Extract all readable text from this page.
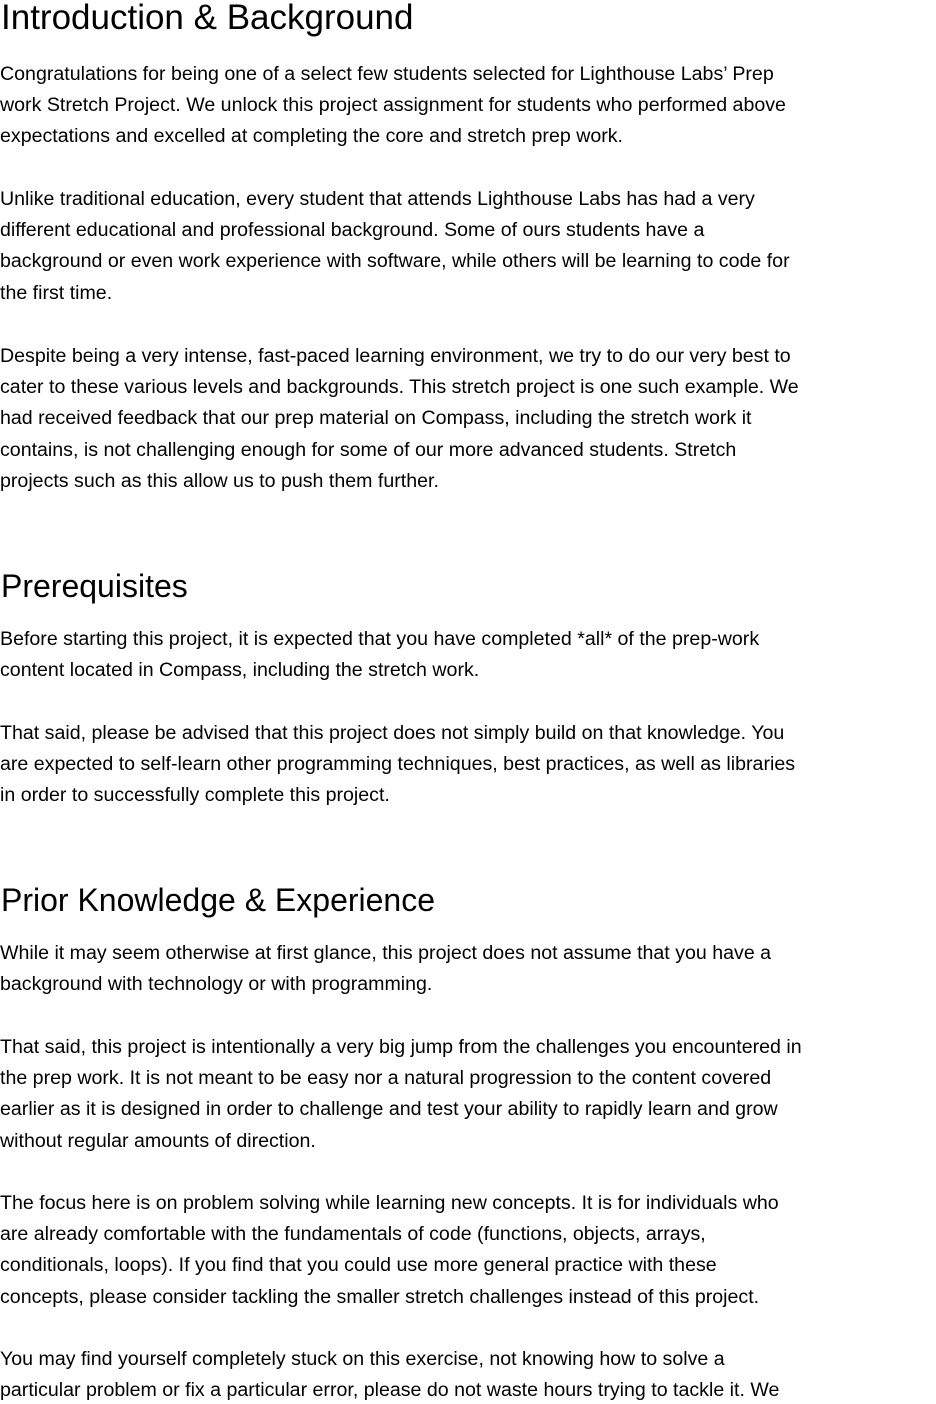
Introduction & Background

Congratulations for being one of a select few students selected for Lighthouse Labs’ Prep
work Stretch Project. We unlock this project assignment for students who performed above
expectations and excelled at completing the core and stretch prep work.

Unlike traditional education, every student that attends Lighthouse Labs has had a very
different educational and professional background. Some of ours students have a
background or even work experience with software, while others will be learning to code for
the first time.

Despite being a very intense, fast-paced learning environment, we try to do our very best to
cater to these various levels and backgrounds. This stretch project is one such example. We
had received feedback that our prep material on Compass, including the stretch work it
contains, is not challenging enough for some of our more advanced students. Stretch
projects such as this allow us to push them further.

Prerequisites

Before starting this project, it is expected that you have completed *all* of the prep-work
content located in Compass, including the stretch work.

That said, please be advised that this project does not simply build on that knowledge. You
are expected to self-learn other programming techniques, best practices, as well as libraries
in order to successfully complete this project.

Prior Knowledge & Experience

While it may seem otherwise at first glance, this project does not assume that you have a
background with technology or with programming.

That said, this project is intentionally a very big jump from the challenges you encountered in
the prep work. It is not meant to be easy nor a natural progression to the content covered
earlier as it is designed in order to challenge and test your ability to rapidly learn and grow
without regular amounts of direction.

The focus here is on problem solving while learning new concepts. It is for individuals who
are already comfortable with the fundamentals of code (functions, objects, arrays,
conditionals, loops). If you find that you could use more general practice with these
concepts, please consider tackling the smaller stretch challenges instead of this project.

You may find yourself completely stuck on this exercise, not knowing how to solve a
particular problem or fix a particular error, please do not waste hours trying to tackle it. We
